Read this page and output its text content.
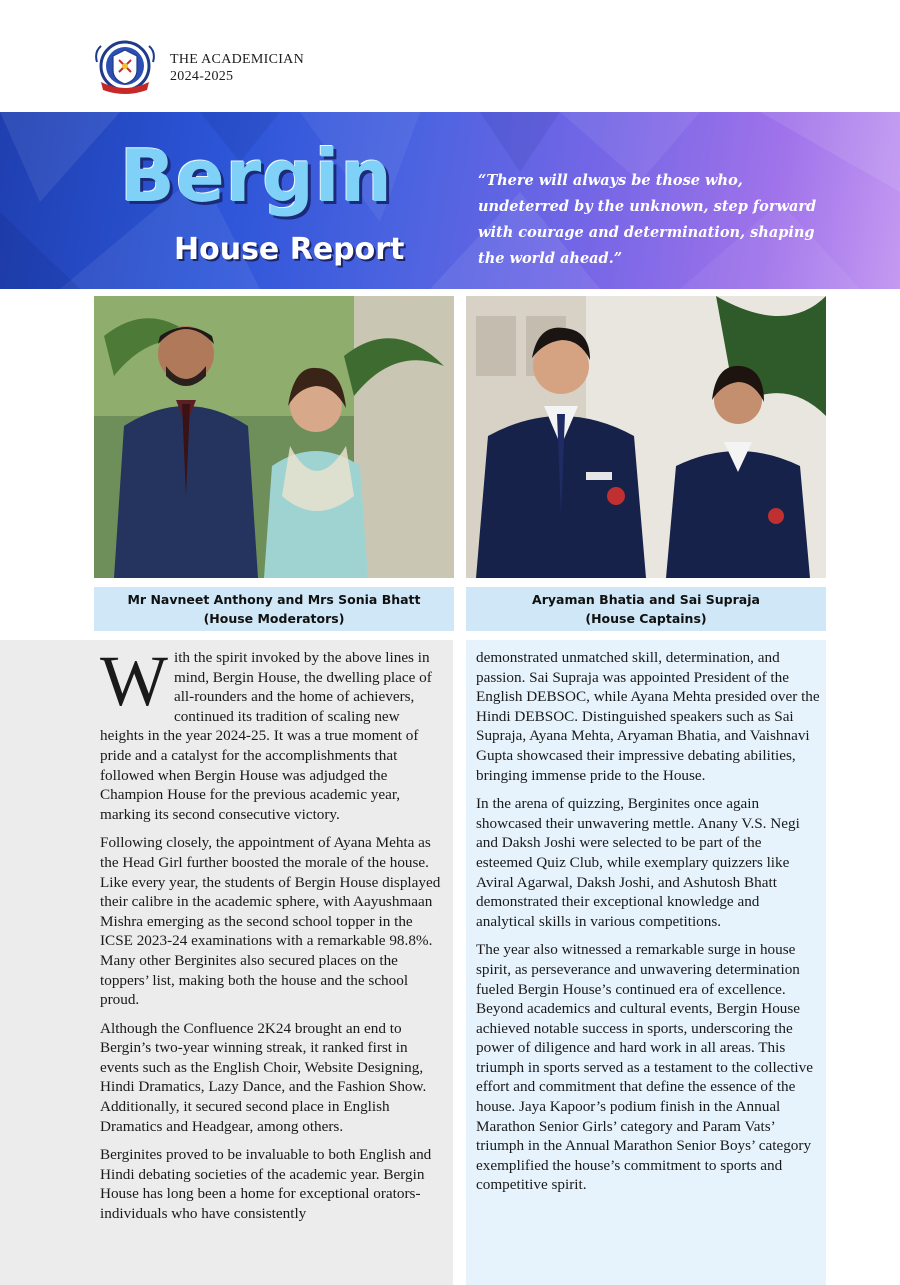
THE ACADEMICIAN
2024-2025
Bergin
House Report
“There will always be those who, undeterred by the unknown, step forward with courage and determination, shaping the world ahead.”
Mr Navneet Anthony and Mrs Sonia Bhatt
(House Moderators)
Aryaman Bhatia and Sai Supraja
(House Captains)

With the spirit invoked by the above lines in mind, Bergin House, the dwelling place of all-rounders and the home of achievers, continued its tradition of scaling new heights in the year 2024-25. It was a true moment of pride and a catalyst for the accomplishments that followed when Bergin House was adjudged the Champion House for the previous academic year, marking its second consecutive victory.

Following closely, the appointment of Ayana Mehta as the Head Girl further boosted the morale of the house. Like every year, the students of Bergin House displayed their calibre in the academic sphere, with Aayushmaan Mishra emerging as the second school topper in the ICSE 2023-24 examinations with a remarkable 98.8%. Many other Berginites also secured places on the toppers’ list, making both the house and the school proud.

Although the Confluence 2K24 brought an end to Bergin’s two-year winning streak, it ranked first in events such as the English Choir, Website Designing, Hindi Dramatics, Lazy Dance, and the Fashion Show. Additionally, it secured second place in English Dramatics and Headgear, among others.

Berginites proved to be invaluable to both English and Hindi debating societies of the academic year. Bergin House has long been a home for exceptional orators- individuals who have consistently

demonstrated unmatched skill, determination, and passion. Sai Supraja was appointed President of the English DEBSOC, while Ayana Mehta presided over the Hindi DEBSOC. Distinguished speakers such as Sai Supraja, Ayana Mehta, Aryaman Bhatia, and Vaishnavi Gupta showcased their impressive debating abilities, bringing immense pride to the House.

In the arena of quizzing, Berginites once again showcased their unwavering mettle. Anany V.S. Negi and Daksh Joshi were selected to be part of the esteemed Quiz Club, while exemplary quizzers like Aviral Agarwal, Daksh Joshi, and Ashutosh Bhatt demonstrated their exceptional knowledge and analytical skills in various competitions.

The year also witnessed a remarkable surge in house spirit, as perseverance and unwavering determination fueled Bergin House’s continued era of excellence. Beyond academics and cultural events, Bergin House achieved notable success in sports, underscoring the power of diligence and hard work in all areas. This triumph in sports served as a testament to the collective effort and commitment that define the essence of the house. Jaya Kapoor’s podium finish in the Annual Marathon Senior Girls’ category and Param Vats’ triumph in the Annual Marathon Senior Boys’ category exemplified the house’s commitment to sports and competitive spirit.
